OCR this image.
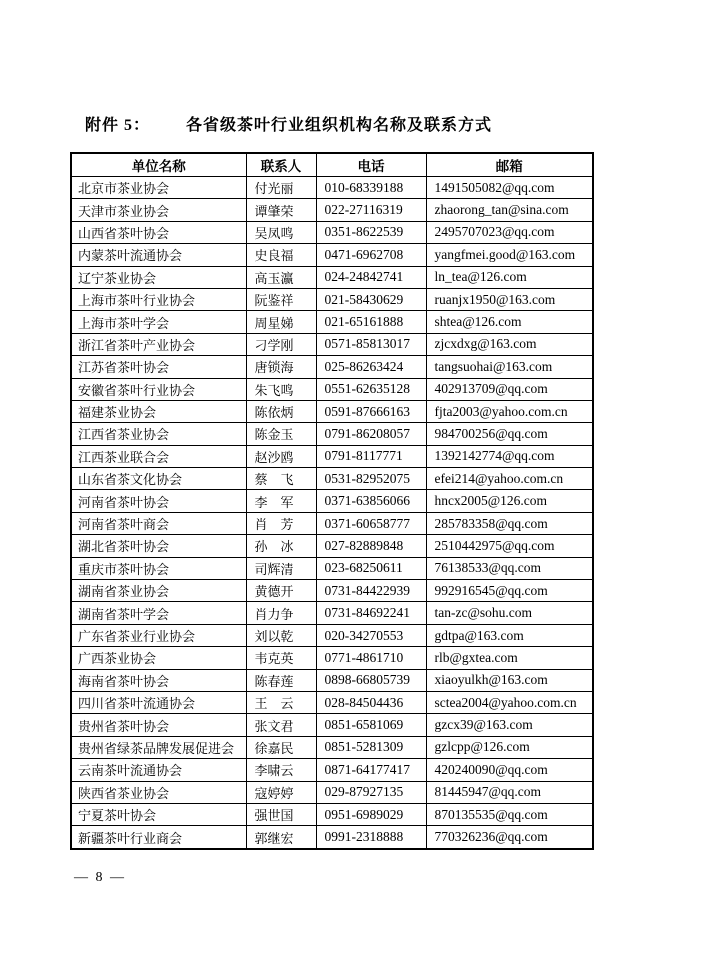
附件 5： 各省级茶叶行业组织机构名称及联系方式
单位名称	联系人	电话	邮箱
北京市茶业协会	付光丽	010-68339188	1491505082@qq.com
天津市茶业协会	谭肇荣	022-27116319	zhaorong_tan@sina.com
山西省茶叶协会	吴凤鸣	0351-8622539	2495707023@qq.com
内蒙茶叶流通协会	史良福	0471-6962708	yangfmei.good@163.com
辽宁茶业协会	高玉瀛	024-24842741	ln_tea@126.com
上海市茶叶行业协会	阮鉴祥	021-58430629	ruanjx1950@163.com
上海市茶叶学会	周星娣	021-65161888	shtea@126.com
浙江省茶叶产业协会	刁学刚	0571-85813017	zjcxdxg@163.com
江苏省茶叶协会	唐锁海	025-86263424	tangsuohai@163.com
安徽省茶叶行业协会	朱飞鸣	0551-62635128	402913709@qq.com
福建茶业协会	陈依炳	0591-87666163	fjta2003@yahoo.com.cn
江西省茶业协会	陈金玉	0791-86208057	984700256@qq.com
江西茶业联合会	赵沙鸥	0791-8117771	1392142774@qq.com
山东省茶文化协会	蔡　飞	0531-82952075	efei214@yahoo.com.cn
河南省茶叶协会	李　军	0371-63856066	hncx2005@126.com
河南省茶叶商会	肖　芳	0371-60658777	285783358@qq.com
湖北省茶叶协会	孙　冰	027-82889848	2510442975@qq.com
重庆市茶叶协会	司辉清	023-68250611	76138533@qq.com
湖南省茶业协会	黄德开	0731-84422939	992916545@qq.com
湖南省茶叶学会	肖力争	0731-84692241	tan-zc@sohu.com
广东省茶业行业协会	刘以乾	020-34270553	gdtpa@163.com
广西茶业协会	韦克英	0771-4861710	rlb@gxtea.com
海南省茶叶协会	陈春莲	0898-66805739	xiaoyulkh@163.com
四川省茶叶流通协会	王　云	028-84504436	sctea2004@yahoo.com.cn
贵州省茶叶协会	张文君	0851-6581069	gzcx39@163.com
贵州省绿茶品牌发展促进会	徐嘉民	0851-5281309	gzlcpp@126.com
云南茶叶流通协会	李啸云	0871-64177417	420240090@qq.com
陕西省茶业协会	寇婷婷	029-87927135	81445947@qq.com
宁夏茶叶协会	强世国	0951-6989029	870135535@qq.com
新疆茶叶行业商会	郭继宏	0991-2318888	770326236@qq.com
— 8 —
